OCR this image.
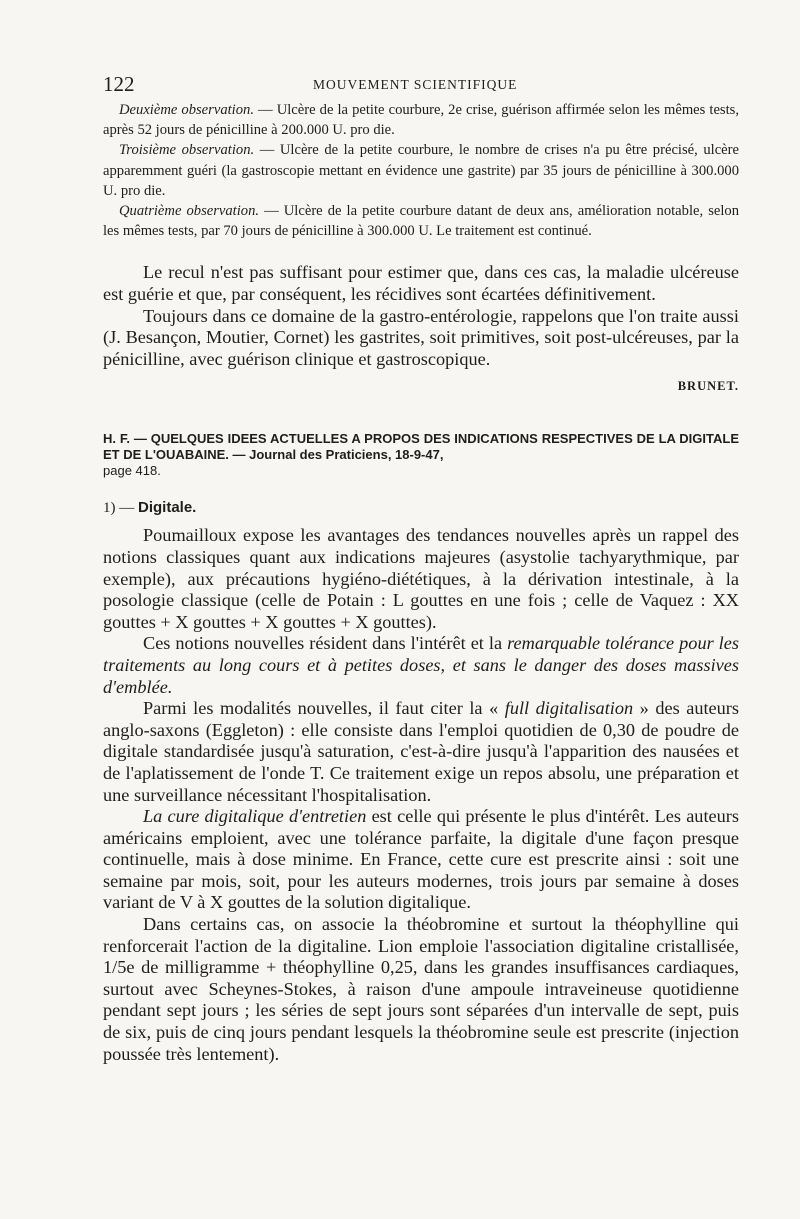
122	MOUVEMENT SCIENTIFIQUE

Deuxième observation. — Ulcère de la petite courbure, 2e crise, guérison affirmée selon les mêmes tests, après 52 jours de pénicilline à 200.000 U. pro die.

Troisième observation. — Ulcère de la petite courbure, le nombre de crises n'a pu être précisé, ulcère apparemment guéri (la gastroscopie mettant en évidence une gastrite) par 35 jours de pénicilline à 300.000 U. pro die.

Quatrième observation. — Ulcère de la petite courbure datant de deux ans, amélioration notable, selon les mêmes tests, par 70 jours de pénicilline à 300.000 U. Le traitement est continué.

Le recul n'est pas suffisant pour estimer que, dans ces cas, la maladie ulcéreuse est guérie et que, par conséquent, les récidives sont écartées définitivement.

Toujours dans ce domaine de la gastro-entérologie, rappelons que l'on traite aussi (J. Besançon, Moutier, Cornet) les gastrites, soit primitives, soit post-ulcéreuses, par la pénicilline, avec guérison clinique et gastroscopique.

BRUNET.

H. F. — QUELQUES IDEES ACTUELLES A PROPOS DES INDICATIONS RESPECTIVES DE LA DIGITALE ET DE L'OUABAINE. — Journal des Praticiens, 18-9-47,
page 418.

1) — Digitale.

Poumailloux expose les avantages des tendances nouvelles après un rappel des notions classiques quant aux indications majeures (asystolie tachyarythmique, par exemple), aux précautions hygiéno-diététiques, à la dérivation intestinale, à la posologie classique (celle de Potain : L gouttes en une fois ; celle de Vaquez : XX gouttes + X gouttes + X gouttes + X gouttes).

Ces notions nouvelles résident dans l'intérêt et la remarquable tolérance pour les traitements au long cours et à petites doses, et sans le danger des doses massives d'emblée.

Parmi les modalités nouvelles, il faut citer la « full digitalisation » des auteurs anglo-saxons (Eggleton) : elle consiste dans l'emploi quotidien de 0,30 de poudre de digitale standardisée jusqu'à saturation, c'est-à-dire jusqu'à l'apparition des nausées et de l'aplatissement de l'onde T. Ce traitement exige un repos absolu, une préparation et une surveillance nécessitant l'hospitalisation.

La cure digitalique d'entretien est celle qui présente le plus d'intérêt. Les auteurs américains emploient, avec une tolérance parfaite, la digitale d'une façon presque continuelle, mais à dose minime. En France, cette cure est prescrite ainsi : soit une semaine par mois, soit, pour les auteurs modernes, trois jours par semaine à doses variant de V à X gouttes de la solution digitalique.

Dans certains cas, on associe la théobromine et surtout la théophylline qui renforcerait l'action de la digitaline. Lion emploie l'association digitaline cristallisée, 1/5e de milligramme + théophylline 0,25, dans les grandes insuffisances cardiaques, surtout avec Scheynes-Stokes, à raison d'une ampoule intraveineuse quotidienne pendant sept jours ; les séries de sept jours sont séparées d'un intervalle de sept, puis de six, puis de cinq jours pendant lesquels la théobromine seule est prescrite (injection poussée très lentement).
